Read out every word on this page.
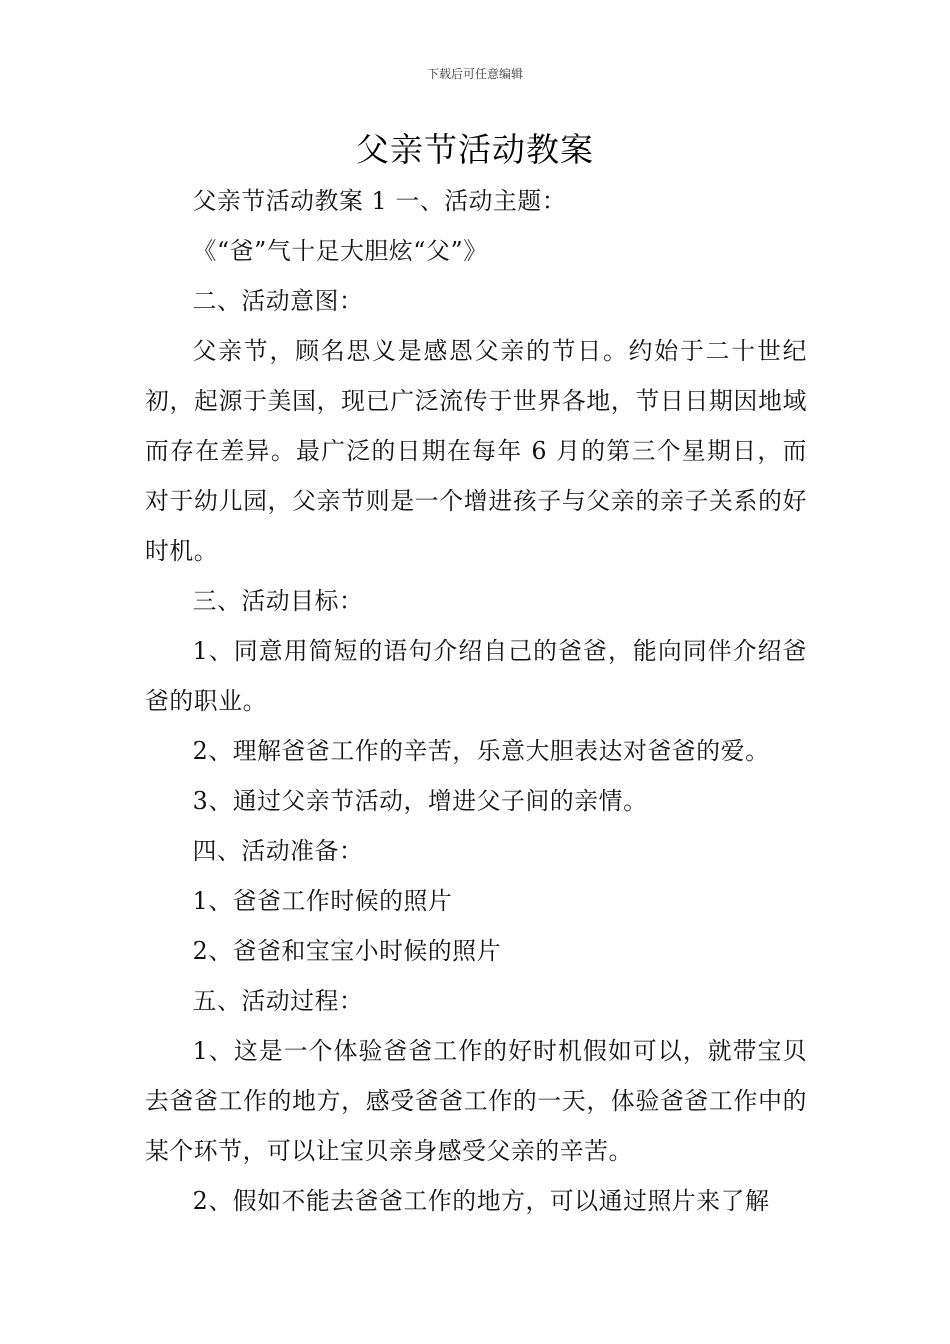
下载后可任意编辑
父亲节活动教案

父亲节活动教案 1 一、活动主题：

《“爸”气十足大胆炫“父”》

二、活动意图：

父亲节，顾名思义是感恩父亲的节日。约始于二十世纪初，起源于美国，现已广泛流传于世界各地，节日日期因地域而存在差异。最广泛的日期在每年 6 月的第三个星期日，而对于幼儿园，父亲节则是一个增进孩子与父亲的亲子关系的好时机。

三、活动目标：

1、同意用简短的语句介绍自己的爸爸，能向同伴介绍爸爸的职业。

2、理解爸爸工作的辛苦，乐意大胆表达对爸爸的爱。

3、通过父亲节活动，增进父子间的亲情。

四、活动准备：

1、爸爸工作时候的照片

2、爸爸和宝宝小时候的照片

五、活动过程：

1、这是一个体验爸爸工作的好时机假如可以，就带宝贝去爸爸工作的地方，感受爸爸工作的一天，体验爸爸工作中的某个环节，可以让宝贝亲身感受父亲的辛苦。

2、假如不能去爸爸工作的地方，可以通过照片来了解
